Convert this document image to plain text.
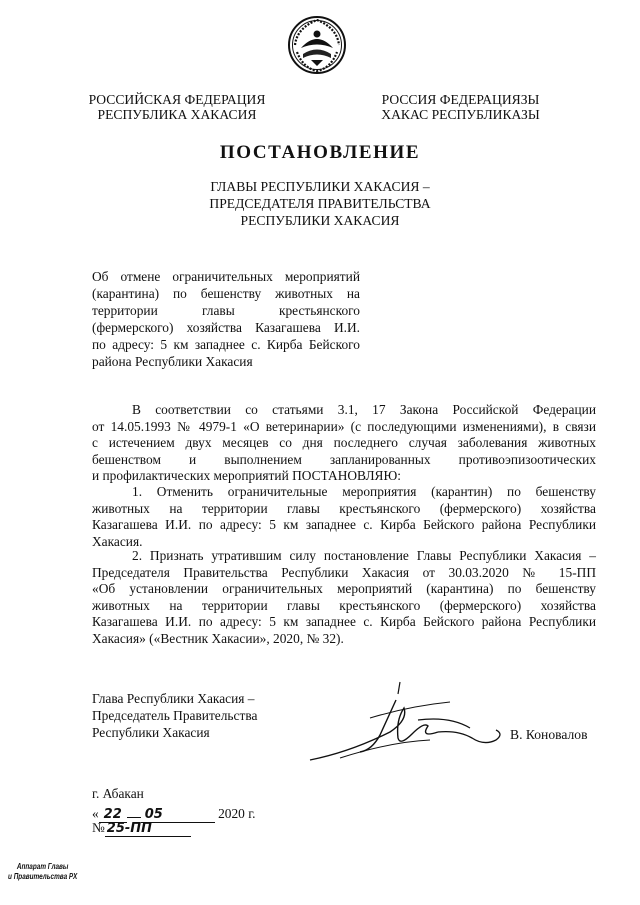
РОССИЙСКАЯ ФЕДЕРАЦИЯ
РЕСПУБЛИКА ХАКАСИЯ
РОССИЯ ФЕДЕРАЦИЯЗЫ
ХАКАС РЕСПУБЛИКАЗЫ
ПОСТАНОВЛЕНИЕ
ГЛАВЫ РЕСПУБЛИКИ ХАКАСИЯ –
ПРЕДСЕДАТЕЛЯ ПРАВИТЕЛЬСТВА
РЕСПУБЛИКИ ХАКАСИЯ
Об отмене ограничительных мероприятий
(карантина) по бешенству животных на
территории главы крестьянского
(фермерского) хозяйства Казагашева И.И.
по адресу: 5 км западнее с. Кирба Бейского
района Республики Хакасия
В соответствии со статьями 3.1, 17 Закона Российской Федерации
от 14.05.1993 № 4979-1 «О ветеринарии» (с последующими изменениями), в связи
с истечением двух месяцев со дня последнего случая заболевания животных
бешенством и выполнением запланированных противоэпизоотических
и профилактических мероприятий ПОСТАНОВЛЯЮ:
1. Отменить ограничительные мероприятия (карантин) по бешенству
животных на территории главы крестьянского (фермерского) хозяйства
Казагашева И.И. по адресу: 5 км западнее с. Кирба Бейского района Республики
Хакасия.
2. Признать утратившим силу постановление Главы Республики Хакасия –
Председателя Правительства Республики Хакасия от 30.03.2020 № 15-ПП
«Об установлении ограничительных мероприятий (карантина) по бешенству
животных на территории главы крестьянского (фермерского) хозяйства
Казагашева И.И. по адресу: 5 км западнее с. Кирба Бейского района Республики
Хакасия» («Вестник Хакасии», 2020, № 32).
Глава Республики Хакасия –
Председатель Правительства
Республики Хакасия	В. Коновалов
г. Абакан
« 22 05	2020 г.
№ 25-ПП
Аппарат Главы
и Правительства РХ
